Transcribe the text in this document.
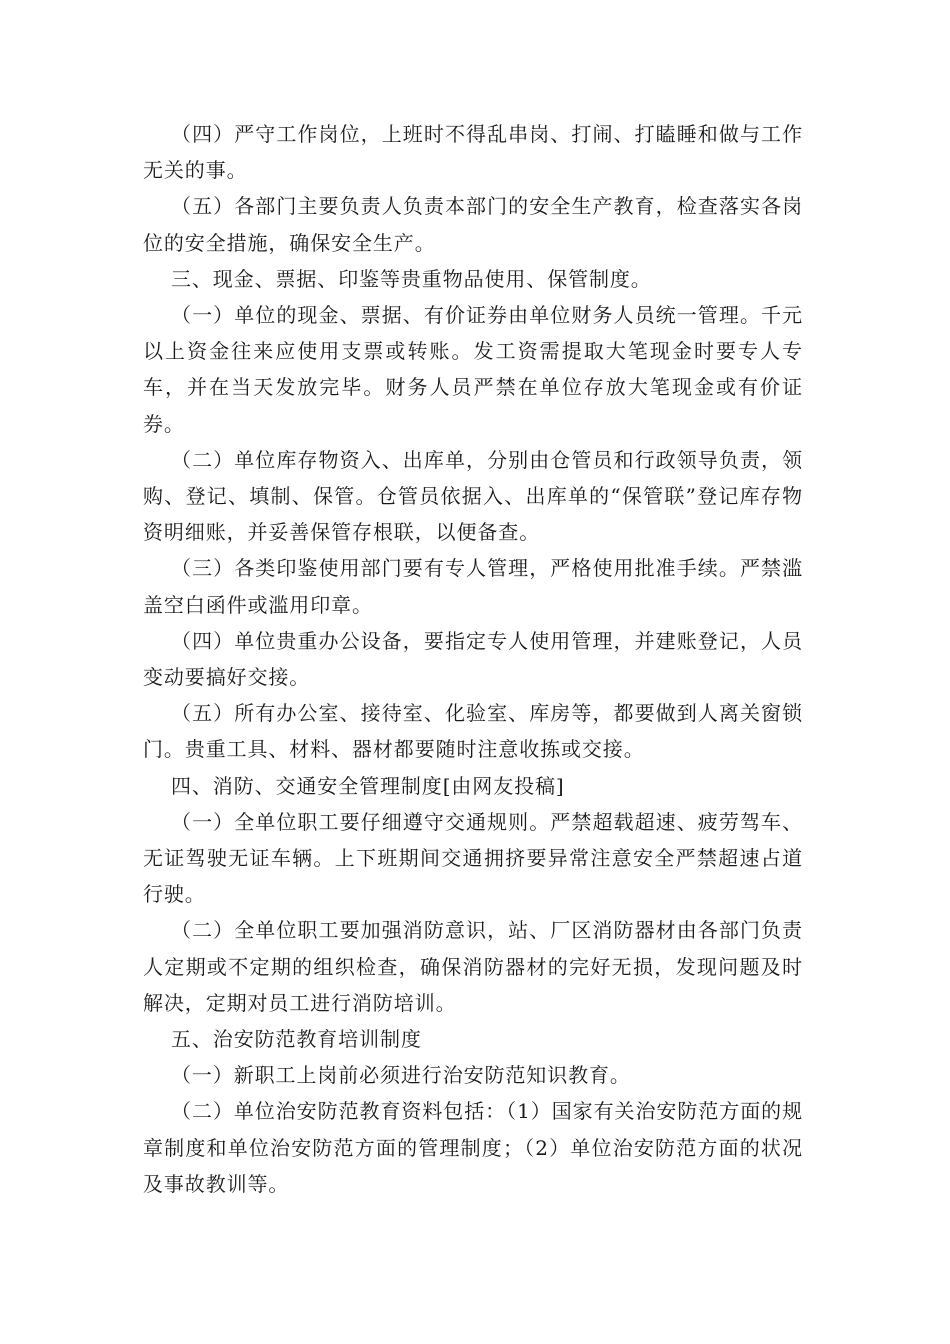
（四）严守工作岗位，上班时不得乱串岗、打闹、打瞌睡和做与工作无关的事。

（五）各部门主要负责人负责本部门的安全生产教育，检查落实各岗位的安全措施，确保安全生产。

三、现金、票据、印鉴等贵重物品使用、保管制度。

（一）单位的现金、票据、有价证券由单位财务人员统一管理。千元以上资金往来应使用支票或转账。发工资需提取大笔现金时要专人专车，并在当天发放完毕。财务人员严禁在单位存放大笔现金或有价证券。

（二）单位库存物资入、出库单，分别由仓管员和行政领导负责，领购、登记、填制、保管。仓管员依据入、出库单的“保管联”登记库存物资明细账，并妥善保管存根联，以便备查。

（三）各类印鉴使用部门要有专人管理，严格使用批准手续。严禁滥盖空白函件或滥用印章。

（四）单位贵重办公设备，要指定专人使用管理，并建账登记，人员变动要搞好交接。

（五）所有办公室、接待室、化验室、库房等，都要做到人离关窗锁门。贵重工具、材料、器材都要随时注意收拣或交接。

四、消防、交通安全管理制度[由网友投稿]

（一）全单位职工要仔细遵守交通规则。严禁超载超速、疲劳驾车、无证驾驶无证车辆。上下班期间交通拥挤要异常注意安全严禁超速占道行驶。

（二）全单位职工要加强消防意识，站、厂区消防器材由各部门负责人定期或不定期的组织检查，确保消防器材的完好无损，发现问题及时解决，定期对员工进行消防培训。

五、治安防范教育培训制度

（一）新职工上岗前必须进行治安防范知识教育。

（二）单位治安防范教育资料包括：（1）国家有关治安防范方面的规章制度和单位治安防范方面的管理制度；（2）单位治安防范方面的状况及事故教训等。
